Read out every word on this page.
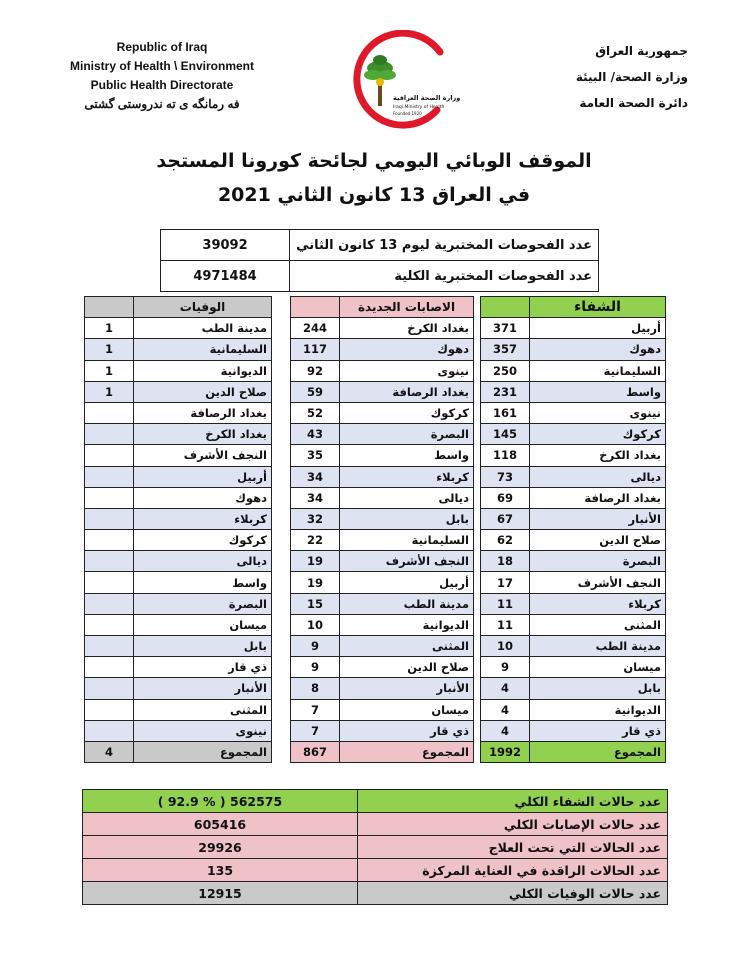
Republic of Iraq
Ministry of Health \ Environment
Public Health Directorate
فه رمانگه ی ته ندروستی گشتی	وزارة الصحة العراقية
Iraqi Ministry of Health
Founded 1920
جمهورية العراق
وزارة الصحة/ البيئة
دائرة الصحة العامة
الموقف الوبائي اليومي لجائحة كورونا المستجد
في العراق 13 كانون الثاني 2021
39092	عدد الفحوصات المختبرية ليوم 13 كانون الثاني
4971484	عدد الفحوصات المختبرية الكلية
	الوفيات
1	مدينة الطب
1	السليمانية
1	الديوانية
1	صلاح الدين
	بغداد الرصافة
	بغداد الكرخ
	النجف الأشرف
	أربيل
	دهوك
	كربلاء
	كركوك
	ديالى
	واسط
	البصرة
	ميسان
	بابل
	ذي قار
	الأنبار
	المثنى
	نينوى
4	المجموع
	الاصابات الجديدة
244	بغداد الكرخ
117	دهوك
92	نينوى
59	بغداد الرصافة
52	كركوك
43	البصرة
35	واسط
34	كربلاء
34	ديالى
32	بابل
22	السليمانية
19	النجف الأشرف
19	أربيل
15	مدينة الطب
10	الديوانية
9	المثنى
9	صلاح الدين
8	الأنبار
7	ميسان
7	ذي قار
867	المجموع
	الشفاء
371	أربيل
357	دهوك
250	السليمانية
231	واسط
161	نينوى
145	كركوك
118	بغداد الكرخ
73	ديالى
69	بغداد الرصافة
67	الأنبار
62	صلاح الدين
18	البصرة
17	النجف الأشرف
11	كربلاء
11	المثنى
10	مدينة الطب
9	ميسان
4	بابل
4	الديوانية
4	ذي قار
1992	المجموع
( 92.9 % ) 562575	عدد حالات الشفاء الكلي
605416	عدد حالات الإصابات الكلي
29926	عدد الحالات التي تحت العلاج
135	عدد الحالات الراقدة في العناية المركزة
12915	عدد حالات الوفيات الكلي
